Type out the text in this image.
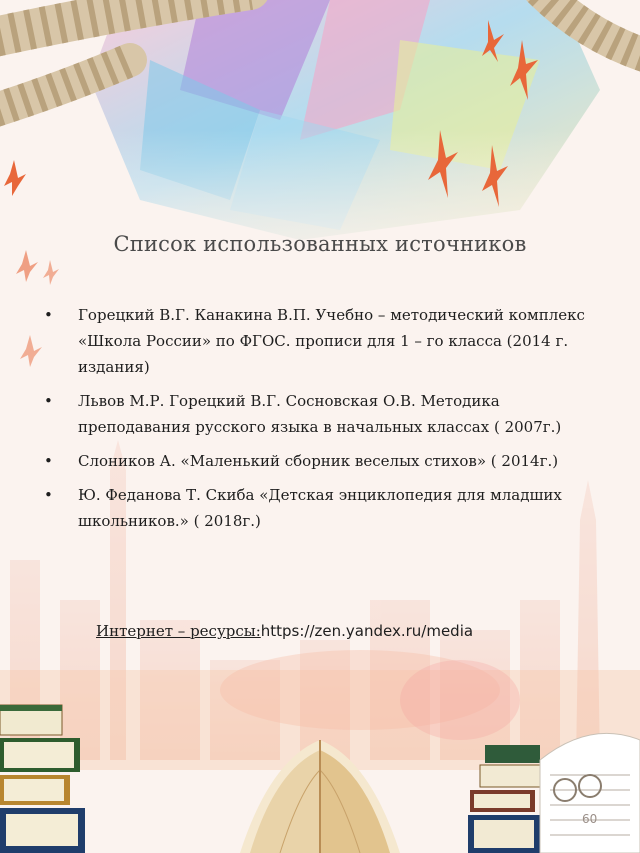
Список использованных источников
• Горецкий В.Г. Канакина В.П. Учебно – методический комплекс «Школа России» по ФГОС. прописи для 1 – го класса (2014 г. издания)
• Львов М.Р. Горецкий В.Г. Сосновская О.В. Методика преподавания русского языка в начальных классах ( 2007г.)
• Слоников А. «Маленький сборник веселых стихов» ( 2014г.)
• Ю. Феданова Т. Скиба «Детская энциклопедия для младших школьников.» ( 2018г.)
Интернет – ресурсы:https://zen.yandex.ru/media
60
